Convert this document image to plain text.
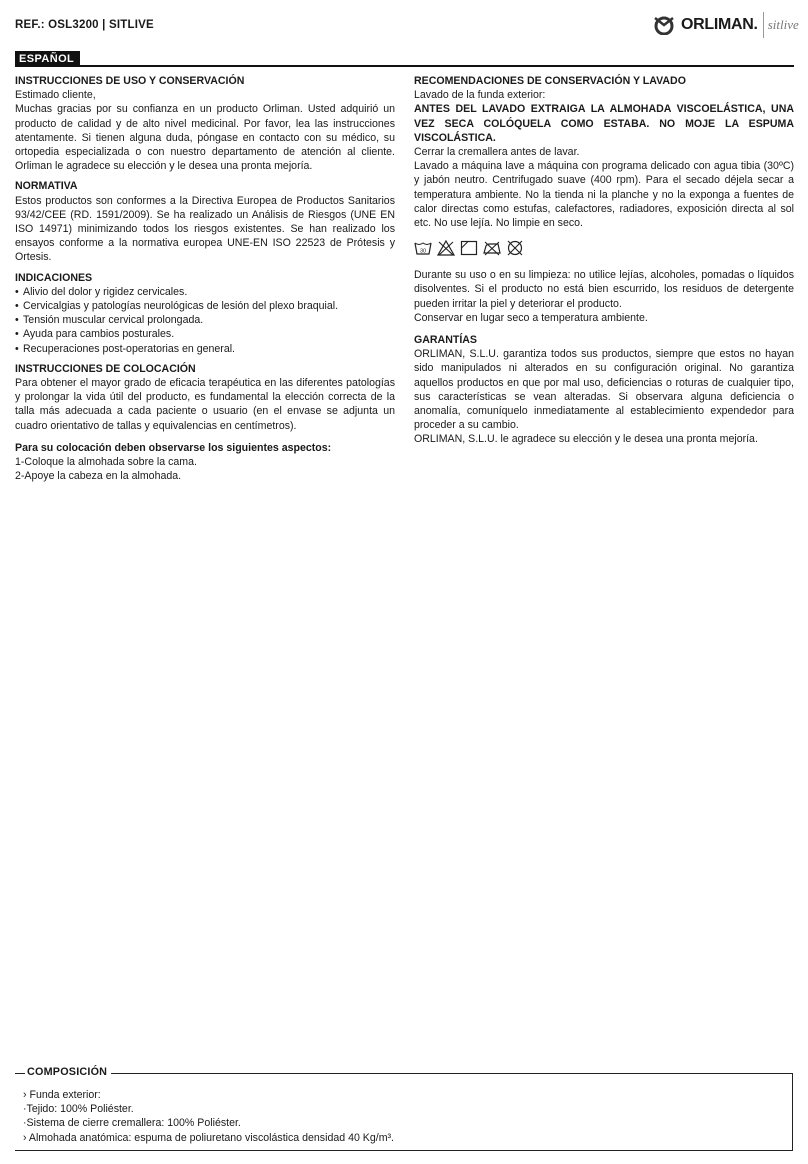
REF.: OSL3200 | SITLIVE	ORLIMAN. sitlive
ESPAÑOL
INSTRUCCIONES DE USO Y CONSERVACIÓN

Estimado cliente,

Muchas gracias por su confianza en un producto Orliman. Usted adquirió un producto de calidad y de alto nivel medicinal. Por favor, lea las instrucciones atentamente. Si tienen alguna duda, póngase en contacto con su médico, su ortopedia especializada o con nuestro departamento de atención al cliente. Orliman le agradece su elección y le desea una pronta mejoría.

NORMATIVA

Estos productos son conformes a la Directiva Europea de Productos Sanitarios 93/42/CEE (RD. 1591/2009). Se ha realizado un Análisis de Riesgos (UNE EN ISO 14971) minimizando todos los riesgos existentes. Se han realizado los ensayos conforme a la normativa europea UNE-EN ISO 22523 de Prótesis y Ortesis.

INDICACIONES
• Alivio del dolor y rigidez cervicales.
• Cervicalgias y patologías neurológicas de lesión del plexo braquial.
• Tensión muscular cervical prolongada.
• Ayuda para cambios posturales.
• Recuperaciones post-operatorias en general.
INSTRUCCIONES DE COLOCACIÓN

Para obtener el mayor grado de eficacia terapéutica en las diferentes patologías y prolongar la vida útil del producto, es fundamental la elección correcta de la talla más adecuada a cada paciente o usuario (en el envase se adjunta un cuadro orientativo de tallas y equivalencias en centímetros).

Para su colocación deben observarse los siguientes aspectos:

1-Coloque la almohada sobre la cama.

2-Apoye la cabeza en la almohada.

RECOMENDACIONES DE CONSERVACIÓN Y LAVADO

Lavado de la funda exterior:

ANTES DEL LAVADO EXTRAIGA LA ALMOHADA VISCOELÁSTICA, UNA VEZ SECA COLÓQUELA COMO ESTABA. NO MOJE LA ESPUMA VISCOLÁSTICA.

Cerrar la cremallera antes de lavar.

Lavado a máquina lave a máquina con programa delicado con agua tibia (30ºC) y jabón neutro. Centrifugado suave (400 rpm). Para el secado déjela secar a temperatura ambiente. No la tienda ni la planche y no la exponga a fuentes de calor directas como estufas, calefactores, radiadores, exposición directa al sol etc. No use lejía. No limpie en seco.

30

Durante su uso o en su limpieza: no utilice lejías, alcoholes, pomadas o líquidos disolventes. Si el producto no está bien escurrido, los residuos de detergente pueden irritar la piel y deteriorar el producto.

Conservar en lugar seco a temperatura ambiente.

GARANTÍAS

ORLIMAN, S.L.U. garantiza todos sus productos, siempre que estos no hayan sido manipulados ni alterados en su configuración original. No garantiza aquellos productos en que por mal uso, deficiencias o roturas de cualquier tipo, sus características se vean alteradas. Si observara alguna deficiencia o anomalía, comuníquelo inmediatamente al establecimiento expendedor para proceder a su cambio.

ORLIMAN, S.L.U. le agradece su elección y le desea una pronta mejoría.

COMPOSICIÓN
› Funda exterior:
·Tejido: 100% Poliéster.
·Sistema de cierre cremallera: 100% Poliéster.
› Almohada anatómica: espuma de poliuretano viscolástica densidad 40 Kg/m³.
